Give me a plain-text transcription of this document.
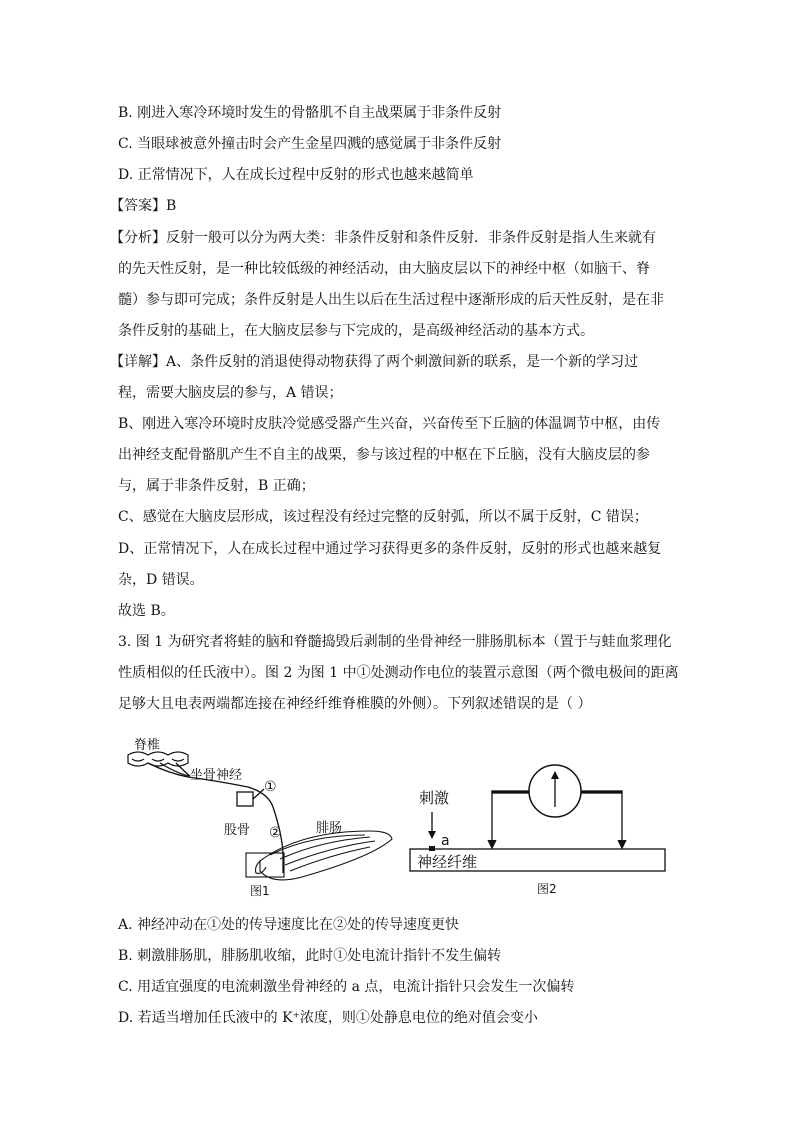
B. 刚进入寒冷环境时发生的骨骼肌不自主战栗属于非条件反射
C. 当眼球被意外撞击时会产生金星四溅的感觉属于非条件反射
D. 正常情况下，人在成长过程中反射的形式也越来越简单
【答案】B
【分析】反射一般可以分为两大类：非条件反射和条件反射．非条件反射是指人生来就有
的先天性反射，是一种比较低级的神经活动，由大脑皮层以下的神经中枢（如脑干、脊
髓）参与即可完成；条件反射是人出生以后在生活过程中逐渐形成的后天性反射，是在非
条件反射的基础上，在大脑皮层参与下完成的，是高级神经活动的基本方式。
【详解】A、条件反射的消退使得动物获得了两个刺激间新的联系，是一个新的学习过
程，需要大脑皮层的参与，A 错误；
B、刚进入寒冷环境时皮肤冷觉感受器产生兴奋，兴奋传至下丘脑的体温调节中枢，由传
出神经支配骨骼肌产生不自主的战栗，参与该过程的中枢在下丘脑，没有大脑皮层的参
与，属于非条件反射，B 正确；
C、感觉在大脑皮层形成，该过程没有经过完整的反射弧，所以不属于反射，C 错误；
D、正常情况下，人在成长过程中通过学习获得更多的条件反射，反射的形式也越来越复
杂，D 错误。
故选 B。
3. 图 1 为研究者将蛙的脑和脊髓捣毁后剥制的坐骨神经一腓肠肌标本（置于与蛙血浆理化
性质相似的任氏液中）。图 2 为图 1 中①处测动作电位的装置示意图（两个微电极间的距离
足够大且电表两端都连接在神经纤维脊椎膜的外侧）。下列叙述错误的是（ ）
脊椎
坐骨神经
①
股骨 ②	腓肠
图1
刺激
a
神经纤维
图2
A. 神经冲动在①处的传导速度比在②处的传导速度更快
B. 刺激腓肠肌，腓肠肌收缩，此时①处电流计指针不发生偏转
C. 用适宜强度的电流刺激坐骨神经的 a 点，电流计指针只会发生一次偏转
D. 若适当增加任氏液中的 K⁺浓度，则①处静息电位的绝对值会变小
